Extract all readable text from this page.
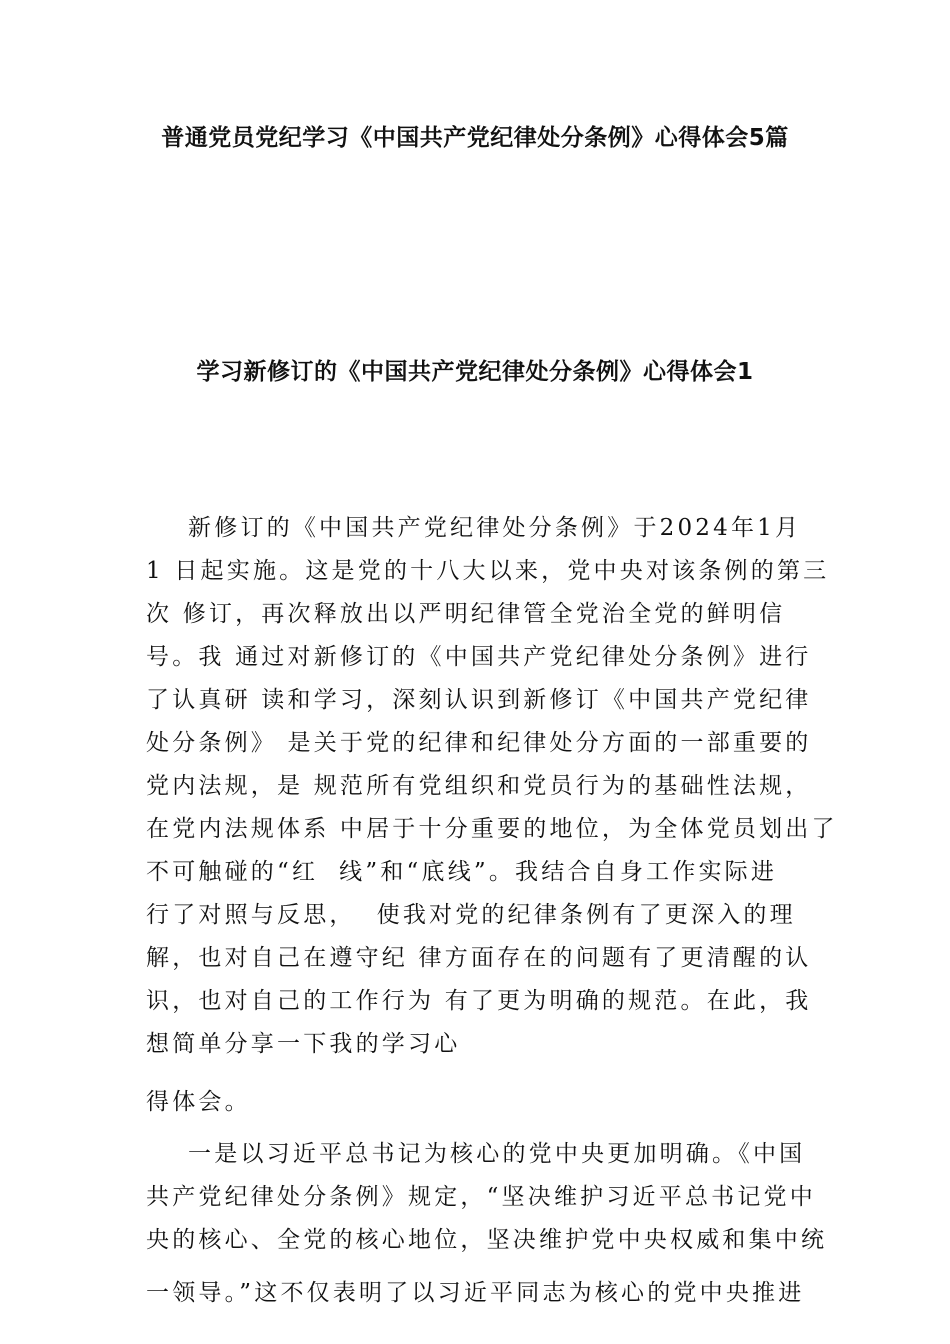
普通党员党纪学习《中国共产党纪律处分条例》心得体会5篇
学习新修订的《中国共产党纪律处分条例》心得体会1

新修订的《中国共产党纪律处分条例》于2024年1月

1 日起实施。这是党的十八大以来，党中央对该条例的第三

次 修订，再次释放出以严明纪律管全党治全党的鲜明信

号。我 通过对新修订的《中国共产党纪律处分条例》进行

了认真研 读和学习，深刻认识到新修订《中国共产党纪律

处分条例》 是关于党的纪律和纪律处分方面的一部重要的

党内法规，是 规范所有党组织和党员行为的基础性法规，

在党内法规体系 中居于十分重要的地位，为全体党员划出了

不可触碰的“红  线”和“底线”。我结合自身工作实际进

行了对照与反思，  使我对党的纪律条例有了更深入的理

解，也对自己在遵守纪 律方面存在的问题有了更清醒的认

识，也对自己的工作行为 有了更为明确的规范。在此，我

想简单分享一下我的学习心

得体会。

一是以习近平总书记为核心的党中央更加明确。《中国

共产党纪律处分条例》规定，“坚决维护习近平总书记党中

央的核心、全党的核心地位，坚决维护党中央权威和集中统

一领导。”这不仅表明了以习近平同志为核心的党中央推进
